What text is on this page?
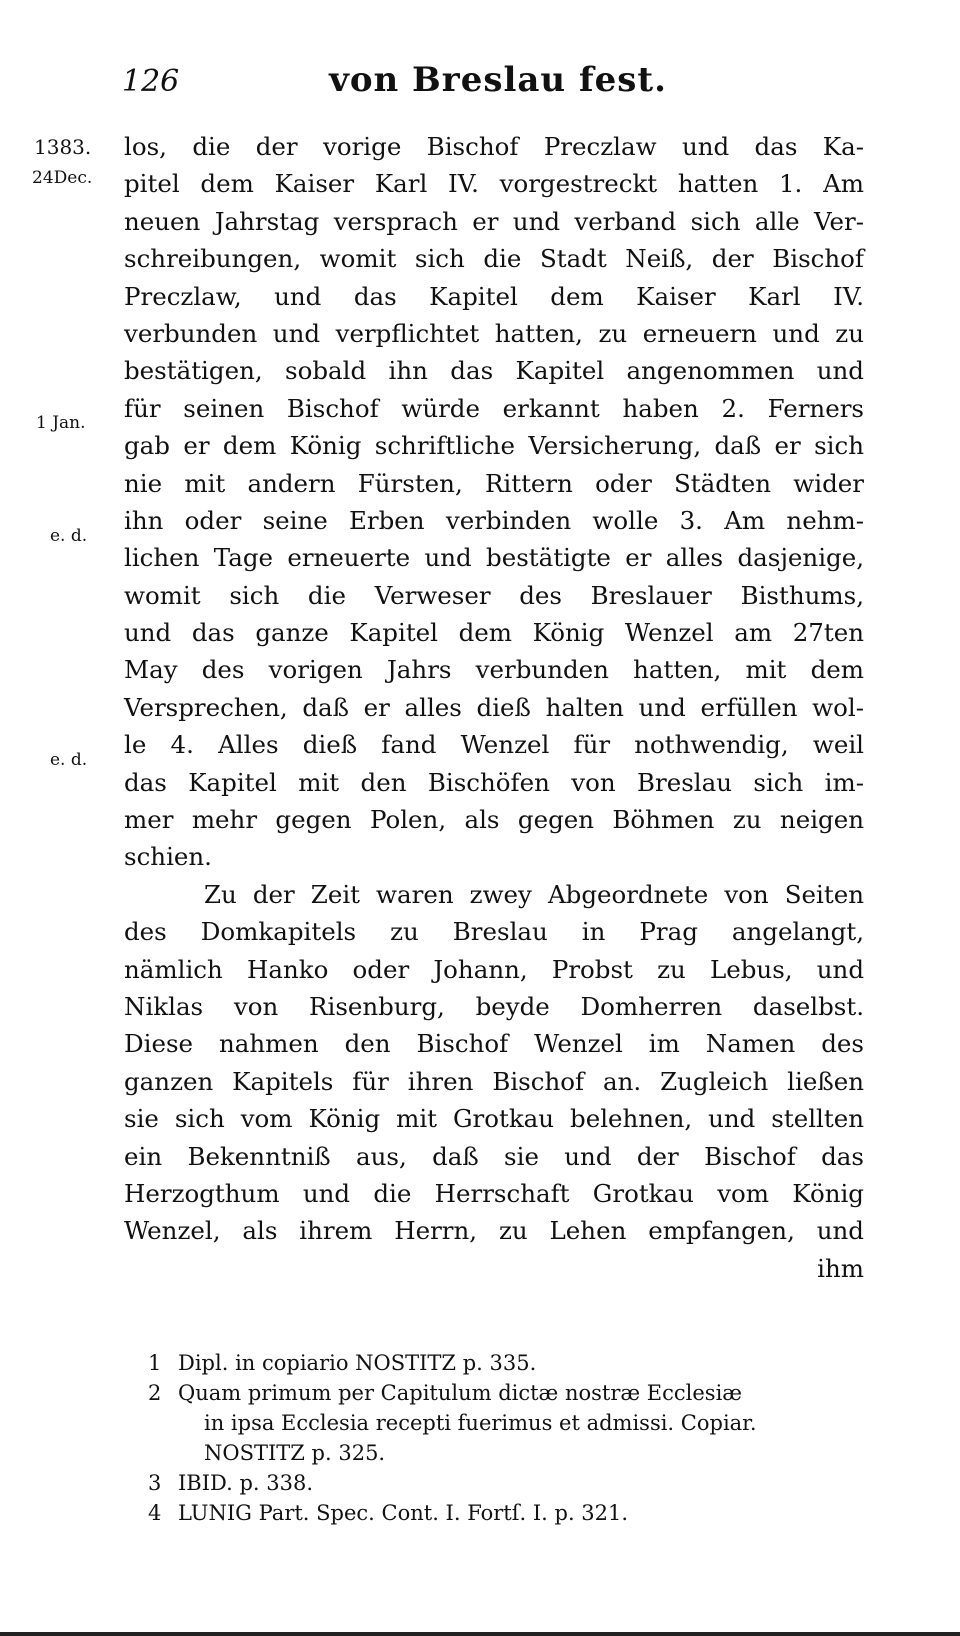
126	von Breslau fest.
1383.
24Dec.
1 Jan.
e. d.
e. d.
los, die der vorige Bischof Preczlaw und das Ka-
pitel dem Kaiser Karl IV. vorgestreckt hatten 1. Am
neuen Jahrstag versprach er und verband sich alle Ver-
schreibungen, womit sich die Stadt Neiß, der Bischof
Preczlaw, und das Kapitel dem Kaiser Karl IV.
verbunden und verpflichtet hatten, zu erneuern und zu
bestätigen, sobald ihn das Kapitel angenommen und
für seinen Bischof würde erkannt haben 2. Ferners
gab er dem König schriftliche Versicherung, daß er sich
nie mit andern Fürsten, Rittern oder Städten wider
ihn oder seine Erben verbinden wolle 3. Am nehm-
lichen Tage erneuerte und bestätigte er alles dasjenige,
womit sich die Verweser des Breslauer Bisthums,
und das ganze Kapitel dem König Wenzel am 27ten
May des vorigen Jahrs verbunden hatten, mit dem
Versprechen, daß er alles dieß halten und erfüllen wol-
le 4. Alles dieß fand Wenzel für nothwendig, weil
das Kapitel mit den Bischöfen von Breslau sich im-
mer mehr gegen Polen, als gegen Böhmen zu neigen
schien.
Zu der Zeit waren zwey Abgeordnete von Seiten
des Domkapitels zu Breslau in Prag angelangt,
nämlich Hanko oder Johann, Probst zu Lebus, und
Niklas von Risenburg, beyde Domherren daselbst.
Diese nahmen den Bischof Wenzel im Namen des
ganzen Kapitels für ihren Bischof an. Zugleich ließen
sie sich vom König mit Grotkau belehnen, und stellten
ein Bekenntniß aus, daß sie und der Bischof das
Herzogthum und die Herrschaft Grotkau vom König
Wenzel, als ihrem Herrn, zu Lehen empfangen, und
ihm
1 Dipl. in copiario NOSTITZ p. 335.
2 Quam primum per Capitulum dictæ nostræ Ecclesiæ
in ipsa Ecclesia recepti fuerimus et admissi. Copiar.
NOSTITZ p. 325.
3 IBID. p. 338.
4 LUNIG Part. Spec. Cont. I. Fortſ. I. p. 321.
